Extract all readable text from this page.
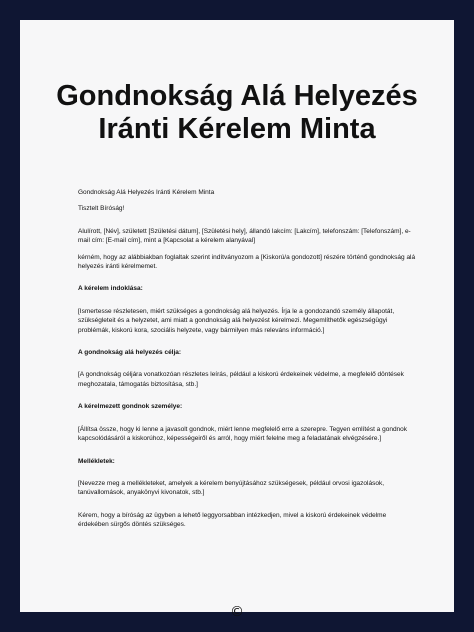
Gondnokság Alá Helyezés Iránti Kérelem Minta

Gondnokság Alá Helyezés Iránti Kérelem Minta

Tisztelt Bíróság!

Alulírott, [Név], született [Születési dátum], [Születési hely], állandó lakcím: [Lakcím], telefonszám: [Telefonszám], e-mail cím: [E-mail cím], mint a [Kapcsolat a kérelem alanyával]

kérném, hogy az alábbiakban foglaltak szerint indítványozom a [Kiskorú/a gondozott] részére történő gondnokság alá helyezés iránti kérelmemet.

A kérelem indoklása:

[Ismertesse részletesen, miért szükséges a gondnokság alá helyezés. Írja le a gondozandó személy állapotát, szükségleteit és a helyzetet, ami miatt a gondnokság alá helyezést kérelmezi. Megemlíthetők egészségügyi problémák, kiskorú kora, szociális helyzete, vagy bármilyen más releváns információ.]

A gondnokság alá helyezés célja:

[A gondnokság céljára vonatkozóan részletes leírás, például a kiskorú érdekeinek védelme, a megfelelő döntések meghozatala, támogatás biztosítása, stb.]

A kérelmezett gondnok személye:

[Állítsa össze, hogy ki lenne a javasolt gondnok, miért lenne megfelelő erre a szerepre. Tegyen említést a gondnok kapcsolódásáról a kiskorúhoz, képességeiről és arról, hogy miért felelne meg a feladatának elvégzésére.]

Mellékletek:

[Nevezze meg a mellékleteket, amelyek a kérelem benyújtásához szükségesek, például orvosi igazolások, tanúvallomások, anyakönyvi kivonatok, stb.]

Kérem, hogy a bíróság az ügyben a lehető leggyorsabban intézkedjen, mivel a kiskorú érdekeinek védelme érdekében sürgős döntés szükséges.

©
